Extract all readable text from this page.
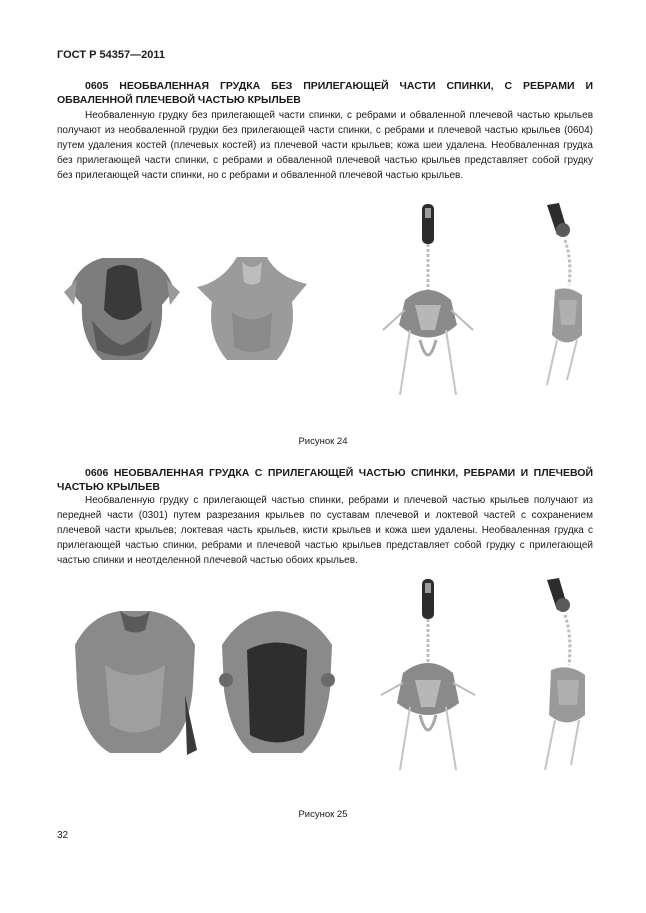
ГОСТ Р 54357—2011
0605 НЕОБВАЛЕННАЯ ГРУДКА БЕЗ ПРИЛЕГАЮЩЕЙ ЧАСТИ СПИНКИ, С РЕБРАМИ И
ОБВАЛЕННОЙ ПЛЕЧЕВОЙ ЧАСТЬЮ КРЫЛЬЕВ

Необваленную грудку без прилегающей части спинки, с ребрами и обваленной плечевой частью крыльев получают из необваленной грудки без прилегающей части спинки, с ребрами и плечевой частью крыльев (0604) путем удаления костей (плечевых костей) из плечевой части крыльев; кожа шеи удалена. Необваленная грудка без прилегающей части спинки, с ребрами и обваленной плечевой частью крыльев представляет собой грудку без прилегающей части спинки, но с ребрами и обваленной плечевой частью крыльев.

Рисунок 24
0606 НЕОБВАЛЕННАЯ ГРУДКА С ПРИЛЕГАЮЩЕЙ ЧАСТЬЮ СПИНКИ, РЕБРАМИ И ПЛЕЧЕВОЙ
ЧАСТЬЮ КРЫЛЬЕВ

Необваленную грудку с прилегающей частью спинки, ребрами и плечевой частью крыльев получают из передней части (0301) путем разрезания крыльев по суставам плечевой и локтевой частей с сохранением плечевой части крыльев; локтевая часть крыльев, кисти крыльев и кожа шеи удалены. Необваленная грудка с прилегающей частью спинки, ребрами и плечевой частью крыльев представляет собой грудку с прилегающей частью спинки и неотделенной плечевой частью обоих крыльев.

Рисунок 25
32
